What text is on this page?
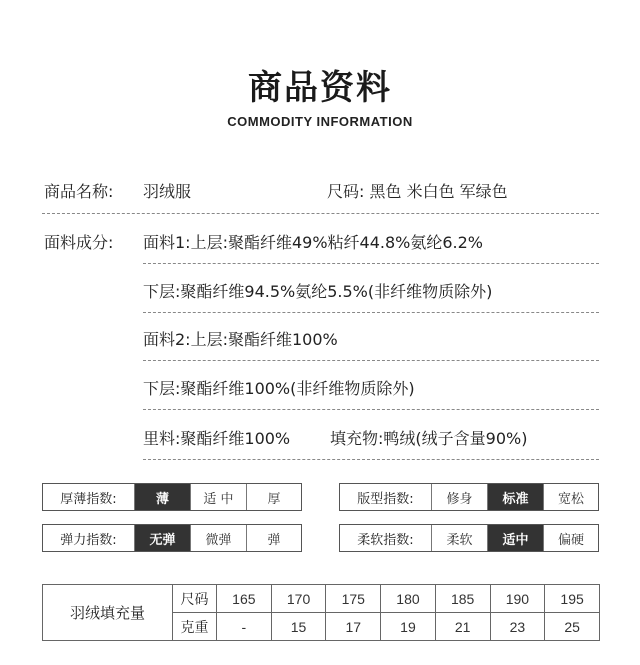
商品资料
COMMODITY INFORMATION
商品名称: 羽绒服	尺码: 黑色 米白色 军绿色
面料成分: 面料1:上层:聚酯纤维49%粘纤44.8%氨纶6.2%
下层:聚酯纤维94.5%氨纶5.5%(非纤维物质除外)
面料2:上层:聚酯纤维100%
下层:聚酯纤维100%(非纤维物质除外)
里料:聚酯纤维100% 填充物:鸭绒(绒子含量90%)
厚薄指数:	薄	适 中	厚	版型指数:	修身	标准	宽松
弹力指数:	无弹	微弹	弹	柔软指数:	柔软	适中	偏硬
羽绒填充量	尺码	165	170	175	180	185	190	195
	克重	-	15	17	19	21	23	25
